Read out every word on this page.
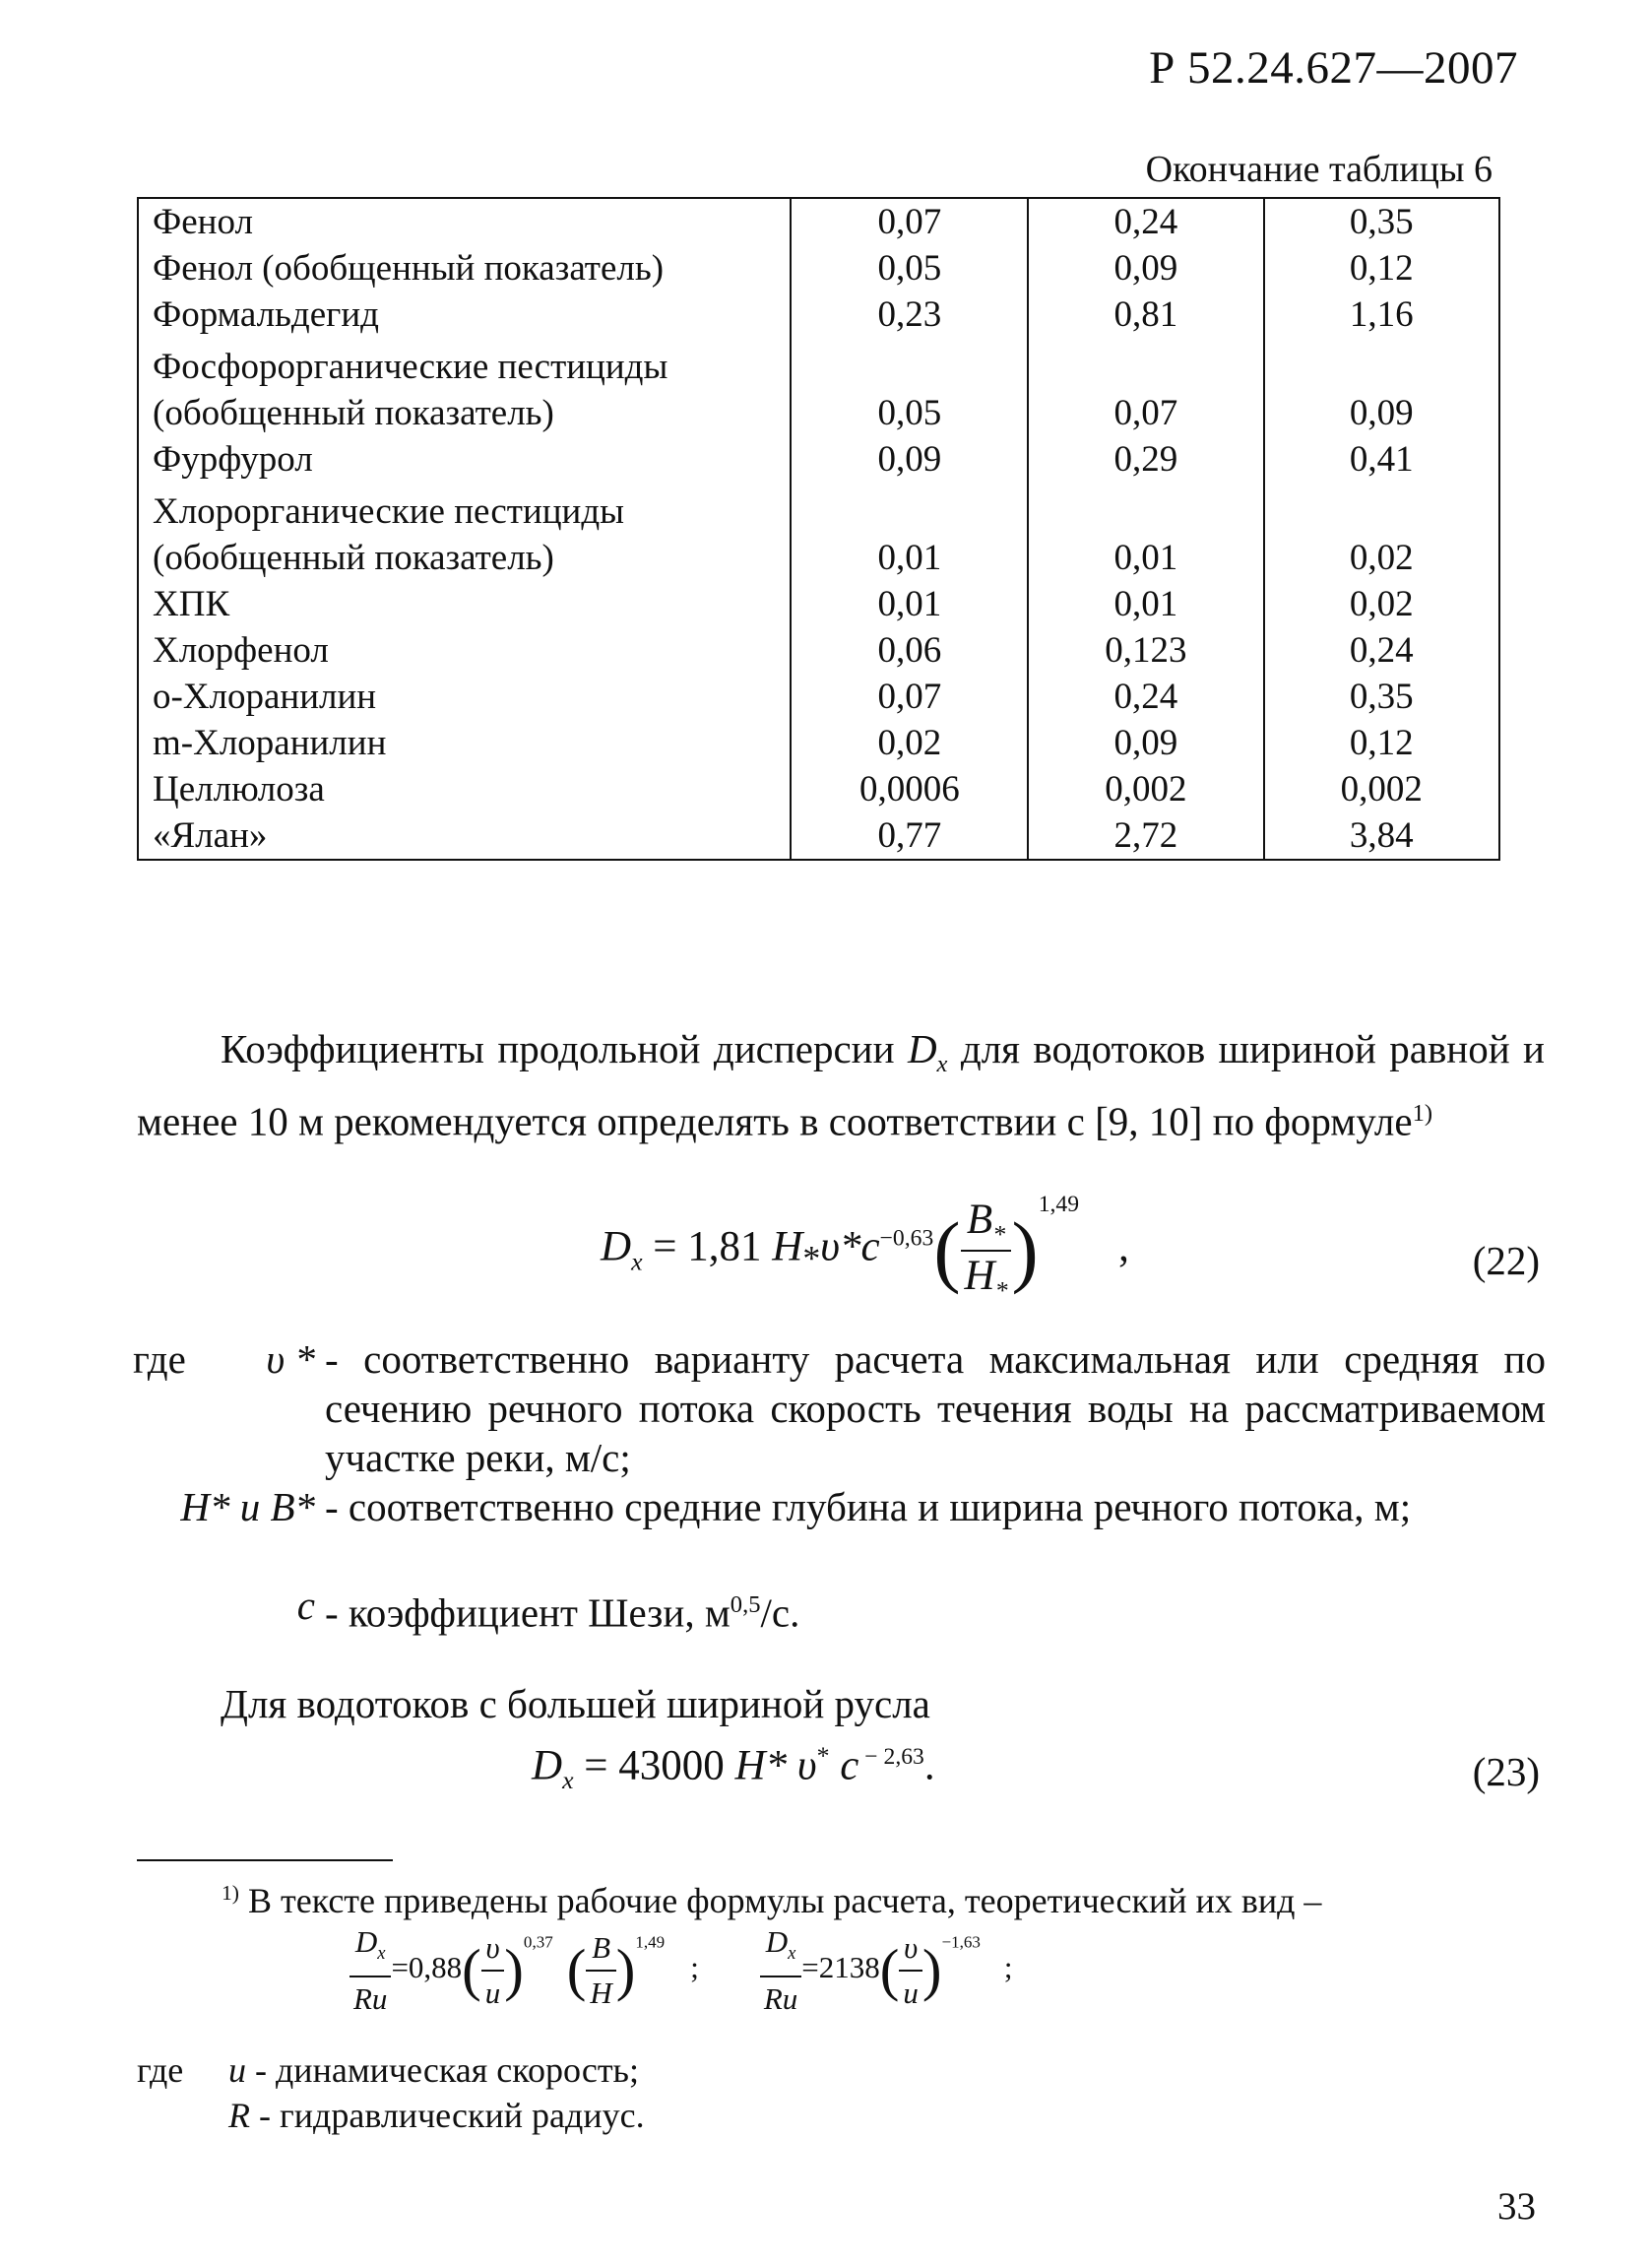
Р 52.24.627—2007
Окончание таблицы 6
Фенол	0,07	0,24	0,35
Фенол (обобщенный показатель)	0,05	0,09	0,12
Формальдегид	0,23	0,81	1,16
Фосфорорганические пестициды
(обобщенный показатель)	0,05	0,07	0,09
Фурфурол	0,09	0,29	0,41
Хлорорганические пестициды
(обобщенный показатель)	0,01	0,01	0,02
ХПК	0,01	0,01	0,02
Хлорфенол	0,06	0,123	0,24
о-Хлоранилин	0,07	0,24	0,35
m-Хлоранилин	0,02	0,09	0,12
Целлюлоза	0,0006	0,002	0,002
«Ялан»	0,77	2,72	3,84
Коэффициенты продольной дисперсии $D_x$ для водотоков шириной равной и менее 10 м рекомендуется определять в соответствии с [9, 10] по формуле$^{1)}$
$D_x = 1,81$ $H_*\upsilon*c^{-0,63}( \frac{B_*}{H_*} )^{1,49}$,	(22)
где	υ * - соответственно варианту расчета максимальная или средняя по сечению речного потока скорость течения воды на рассматриваемом участке реки, м/с;
H* и B* - соответственно средние глубина и ширина речного потока, м;
c - коэффициент Шези, $м^{0,5}/с$.
Для водотоков с большей шириной русла
$D_x = 43000$ H* υ* c $^{- 2,63}$.	(23)
$^{1)}$ В тексте приведены рабочие формулы расчета, теоретический их вид –
$\frac{D_x}{Ru} =0,88( \frac{\upsilon}{u} )^{0,37}$ ( $\frac{B}{H} )^{1,49}$; $\frac{D_x}{Ru} =2138( \frac{\upsilon}{u} )^{-1,63}$;
где u - динамическая скорость;
R - гидравлический радиус.
33
